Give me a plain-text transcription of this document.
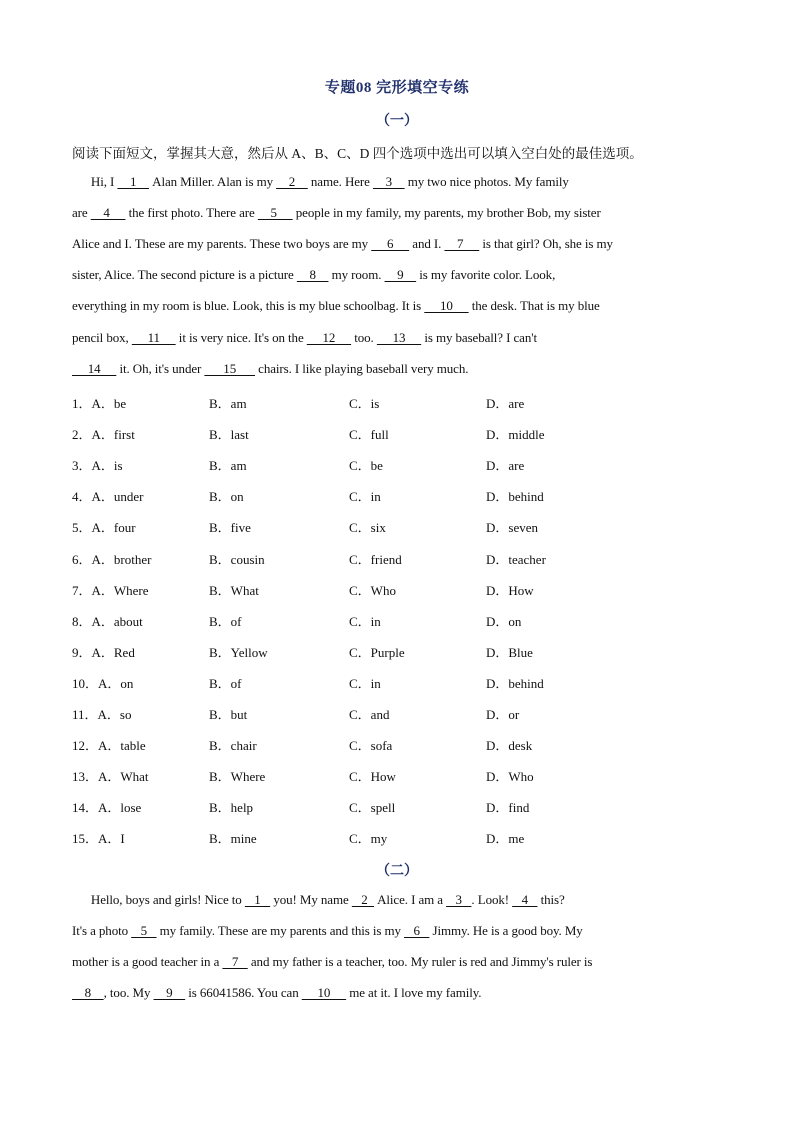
专题08 完形填空专练
（一）
阅读下面短文，掌握其大意，然后从 A、B、C、D 四个选项中选出可以填入空白处的最佳选项。
Hi, I     1     Alan Miller. Alan is my     2     name. Here     3     my two nice photos. My family
are     4      the first photo. There are     5      people in my family, my parents, my brother Bob, my sister
Alice and I. These are my parents. These two boys are my      6      and I.     7      is that girl? Oh, she is my
sister, Alice. The second picture is a picture     8     my room.     9     is my favorite color. Look,
everything in my room is blue. Look, this is my blue schoolbag. It is      10      the desk. That is my blue
pencil box,      11      it is very nice. It's on the      12      too.      13      is my baseball? I can't
14      it. Oh, it's under       15       chairs. I like playing baseball very much.
1．A．be	B．am	C．is	D．are
2．A．first	B．last	C．full	D．middle
3．A．is	B．am	C．be	D．are
4．A．under	B．on	C．in	D．behind
5．A．four	B．five	C．six	D．seven
6．A．brother	B．cousin	C．friend	D．teacher
7．A．Where	B．What	C．Who	D．How
8．A．about	B．of	C．in	D．on
9．A．Red	B．Yellow	C．Purple	D．Blue
10．A．on	B．of	C．in	D．behind
11．A．so	B．but	C．and	D．or
12．A．table	B．chair	C．sofa	D．desk
13．A．What	B．Where	C．How	D．Who
14．A．lose	B．help	C．spell	D．find
15．A．I	B．mine	C．my	D．me
（二）
Hello, boys and girls! Nice to    1    you! My name    2   Alice. I am a    3   . Look!    4    this?
It's a photo    5    my family. These are my parents and this is my    6    Jimmy. He is a good boy. My
mother is a good teacher in a    7    and my father is a teacher, too. My ruler is red and Jimmy's ruler is
8    , too. My     9     is 66041586. You can      10      me at it. I love my family.
